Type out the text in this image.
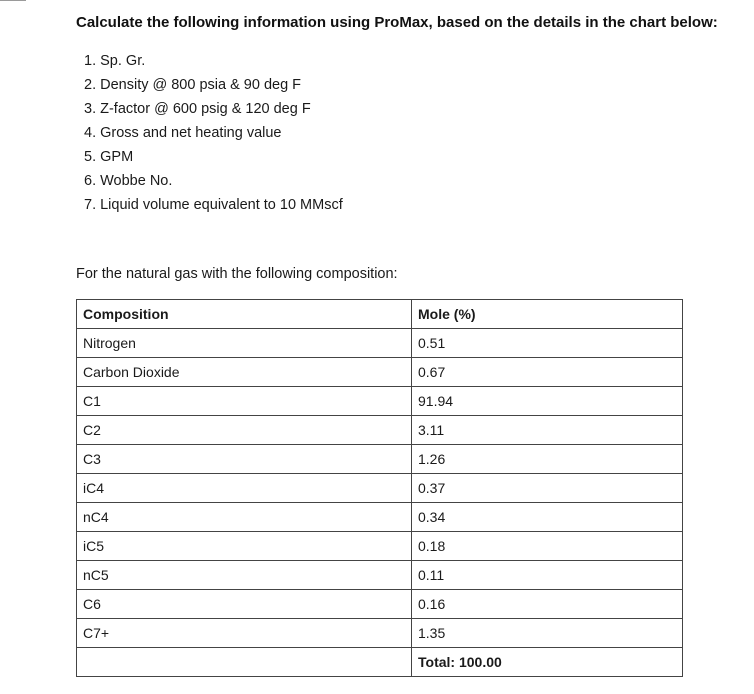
Calculate the following information using ProMax, based on the details in the chart below:
1. Sp. Gr.
2. Density @ 800 psia & 90 deg F
3. Z-factor @ 600 psig & 120 deg F
4. Gross and net heating value
5. GPM
6. Wobbe No.
7. Liquid volume equivalent to 10 MMscf
For the natural gas with the following composition:
Composition	Mole (%)
Nitrogen	0.51
Carbon Dioxide	0.67
C1	91.94
C2	3.11
C3	1.26
iC4	0.37
nC4	0.34
iC5	0.18
nC5	0.11
C6	0.16
C7+	1.35
	Total: 100.00
